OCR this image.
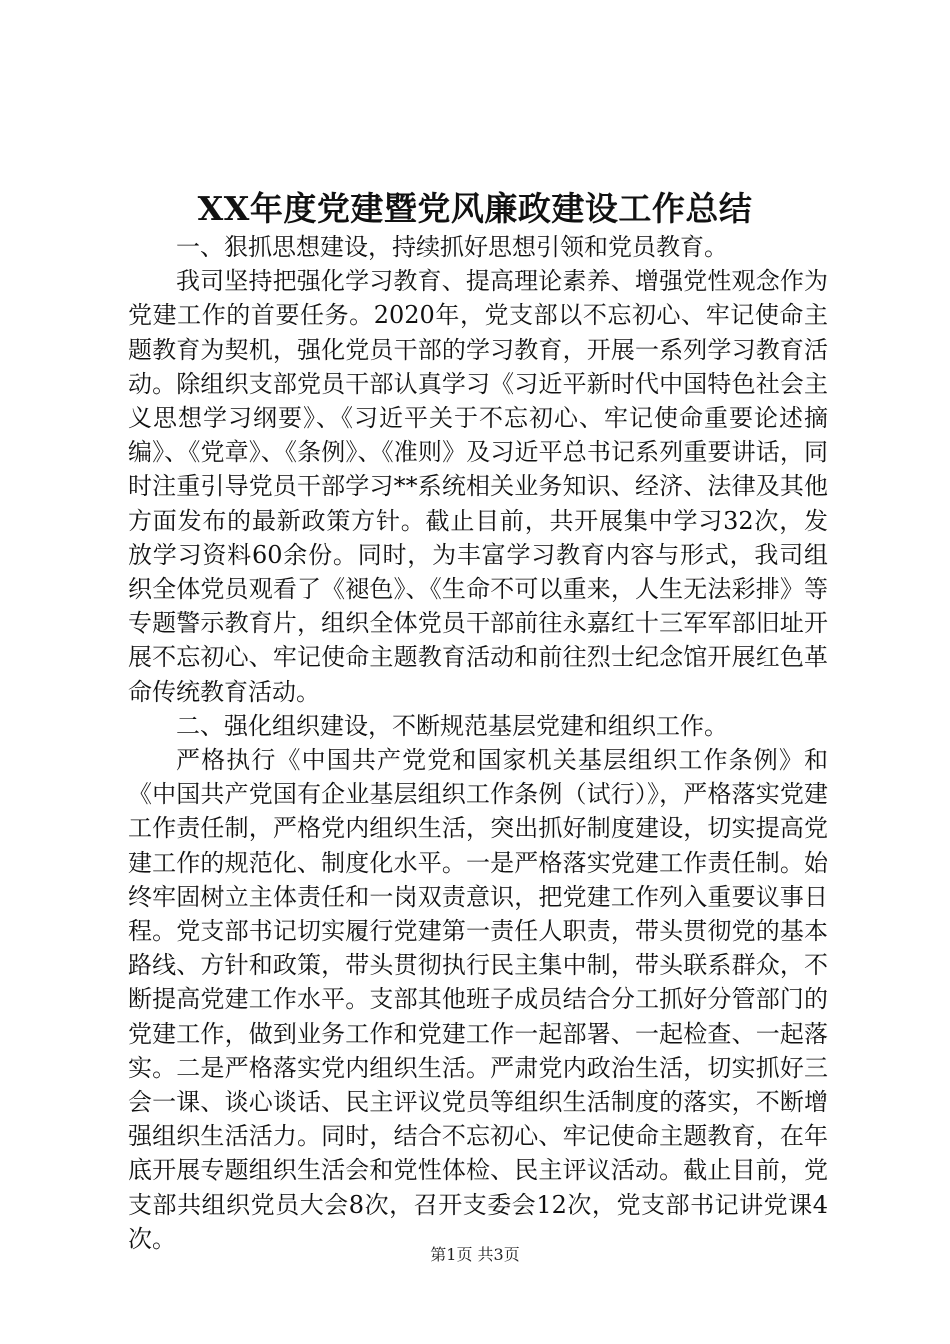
XX年度党建暨党风廉政建设工作总结

一、狠抓思想建设，持续抓好思想引领和党员教育。

我司坚持把强化学习教育、提高理论素养、增强党性观念作为党建工作的首要任务。2020年，党支部以不忘初心、牢记使命主题教育为契机，强化党员干部的学习教育，开展一系列学习教育活动。除组织支部党员干部认真学习《习近平新时代中国特色社会主义思想学习纲要》、《习近平关于不忘初心、牢记使命重要论述摘编》、《党章》、《条例》、《准则》及习近平总书记系列重要讲话，同时注重引导党员干部学习**系统相关业务知识、经济、法律及其他方面发布的最新政策方针。截止目前，共开展集中学习32次，发放学习资料60余份。同时，为丰富学习教育内容与形式，我司组织全体党员观看了《褪色》、《生命不可以重来，人生无法彩排》等专题警示教育片，组织全体党员干部前往永嘉红十三军军部旧址开展不忘初心、牢记使命主题教育活动和前往烈士纪念馆开展红色革命传统教育活动。

二、强化组织建设，不断规范基层党建和组织工作。

严格执行《中国共产党党和国家机关基层组织工作条例》和《中国共产党国有企业基层组织工作条例（试行）》，严格落实党建工作责任制，严格党内组织生活，突出抓好制度建设，切实提高党建工作的规范化、制度化水平。一是严格落实党建工作责任制。始终牢固树立主体责任和一岗双责意识，把党建工作列入重要议事日程。党支部书记切实履行党建第一责任人职责，带头贯彻党的基本路线、方针和政策，带头贯彻执行民主集中制，带头联系群众，不断提高党建工作水平。支部其他班子成员结合分工抓好分管部门的党建工作，做到业务工作和党建工作一起部署、一起检查、一起落实。二是严格落实党内组织生活。严肃党内政治生活，切实抓好三会一课、谈心谈话、民主评议党员等组织生活制度的落实，不断增强组织生活活力。同时，结合不忘初心、牢记使命主题教育，在年底开展专题组织生活会和党性体检、民主评议活动。截止目前，党支部共组织党员大会8次，召开支委会12次，党支部书记讲党课4次。

第1页 共3页
